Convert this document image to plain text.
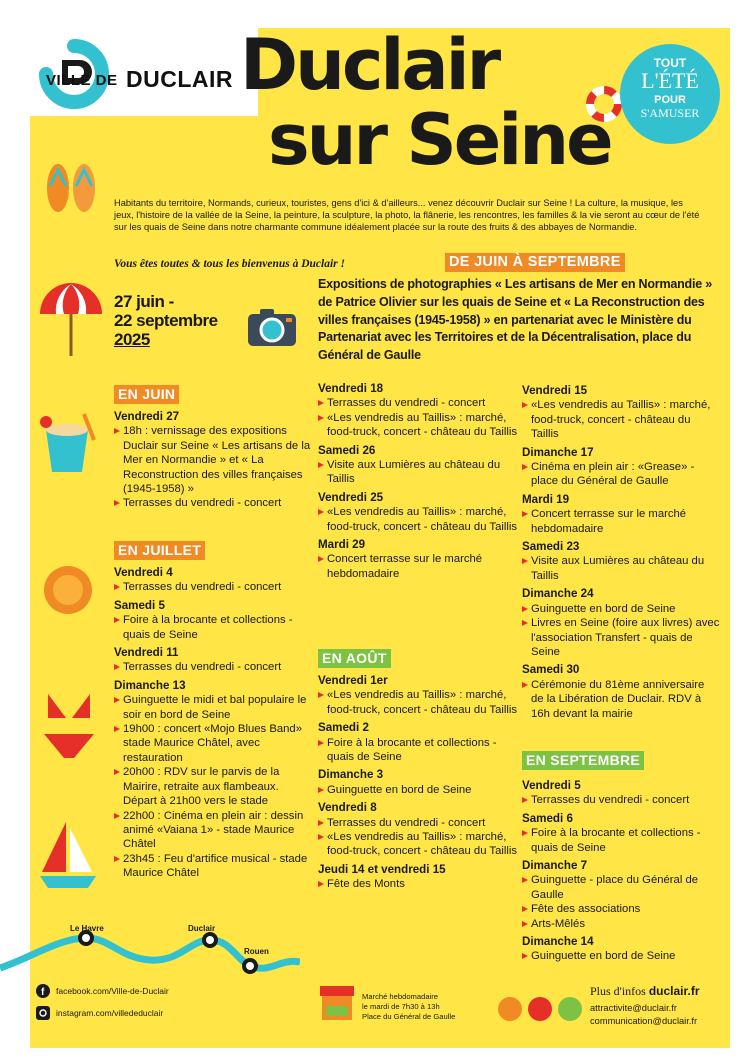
VILLE DE DUCLAIR Duclair
sur Seine
TOUT
L'ÉTÉ
POUR
S'AMUSER
Habitants du territoire, Normands, curieux, touristes, gens d'ici & d'ailleurs... venez découvrir Duclair sur Seine ! La culture, la musique, les jeux, l'histoire de la vallée de la Seine, la peinture, la sculpture, la photo, la flânerie, les rencontres, les familles & la vie seront au cœur de l'été sur les quais de Seine dans notre charmante commune idéalement placée sur la route des fruits & des abbayes de Normandie.
Vous êtes toutes & tous les bienvenus à Duclair !
27 juin -
22 septembre
2025
DE JUIN À SEPTEMBRE
Expositions de photographies « Les artisans de Mer en Normandie » de Patrice Olivier sur les quais de Seine et « La Reconstruction des villes françaises (1945-1958) » en partenariat avec le Ministère du Partenariat avec les Territoires et de la Décentralisation, place du Général de Gaulle
EN JUIN
EN JUILLET
EN AOÛT
EN SEPTEMBRE
Vendredi 27
18h : vernissage des expositions Duclair sur Seine « Les artisans de la Mer en Normandie » et « La Reconstruction des villes françaises (1945-1958) »
Terrasses du vendredi - concert
Vendredi 4
Terrasses du vendredi - concert
Samedi 5
Foire à la brocante et collections - quais de Seine
Vendredi 11
Terrasses du vendredi - concert
Dimanche 13
Guinguette le midi et bal populaire le soir en bord de Seine
19h00 : concert «Mojo Blues Band» stade Maurice Châtel, avec restauration
20h00 : RDV sur le parvis de la Mairire, retraite aux flambeaux. Départ à 21h00 vers le stade
22h00 : Cinéma en plein air : dessin animé «Vaiana 1» - stade Maurice Châtel
23h45 : Feu d'artifice musical - stade Maurice Châtel
Vendredi 18
Terrasses du vendredi - concert
«Les vendredis au Taillis» : marché, food-truck, concert - château du Taillis
Samedi 26
Visite aux Lumières au château du Taillis
Vendredi 25
«Les vendredis au Taillis» : marché, food-truck, concert - château du Taillis
Mardi 29
Concert terrasse sur le marché hebdomadaire
Vendredi 1er
«Les vendredis au Taillis» : marché, food-truck, concert - château du Taillis
Samedi 2
Foire à la brocante et collections - quais de Seine
Dimanche 3
Guinguette en bord de Seine
Vendredi 8
Terrasses du vendredi - concert
«Les vendredis au Taillis» : marché, food-truck, concert - château du Taillis
Jeudi 14 et vendredi 15
Fête des Monts
Vendredi 15
«Les vendredis au Taillis» : marché, food-truck, concert - château du Taillis
Dimanche 17
Cinéma en plein air : «Grease» - place du Général de Gaulle
Mardi 19
Concert terrasse sur le marché hebdomadaire
Samedi 23
Visite aux Lumières au château du Taillis
Dimanche 24
Guinguette en bord de Seine
Livres en Seine (foire aux livres) avec l'association Transfert - quais de Seine
Samedi 30
Cérémonie du 81ème anniversaire de la Libération de Duclair. RDV à 16h devant la mairie
Vendredi 5
Terrasses du vendredi - concert
Samedi 6
Foire à la brocante et collections - quais de Seine
Dimanche 7
Guinguette - place du Général de Gaulle
Fête des associations
Arts-Mêlés
Dimanche 14
Guinguette en bord de Seine
Le Havre	Duclair
Rouen
f facebook.com/Ville-de-Duclair
instagram.com/villededuclair
Marché hebdomadaire
le mardi de 7h30 à 13h
Place du Général de Gaulle
Plus d'infos duclair.fr
attractivite@duclair.fr
communication@duclair.fr
